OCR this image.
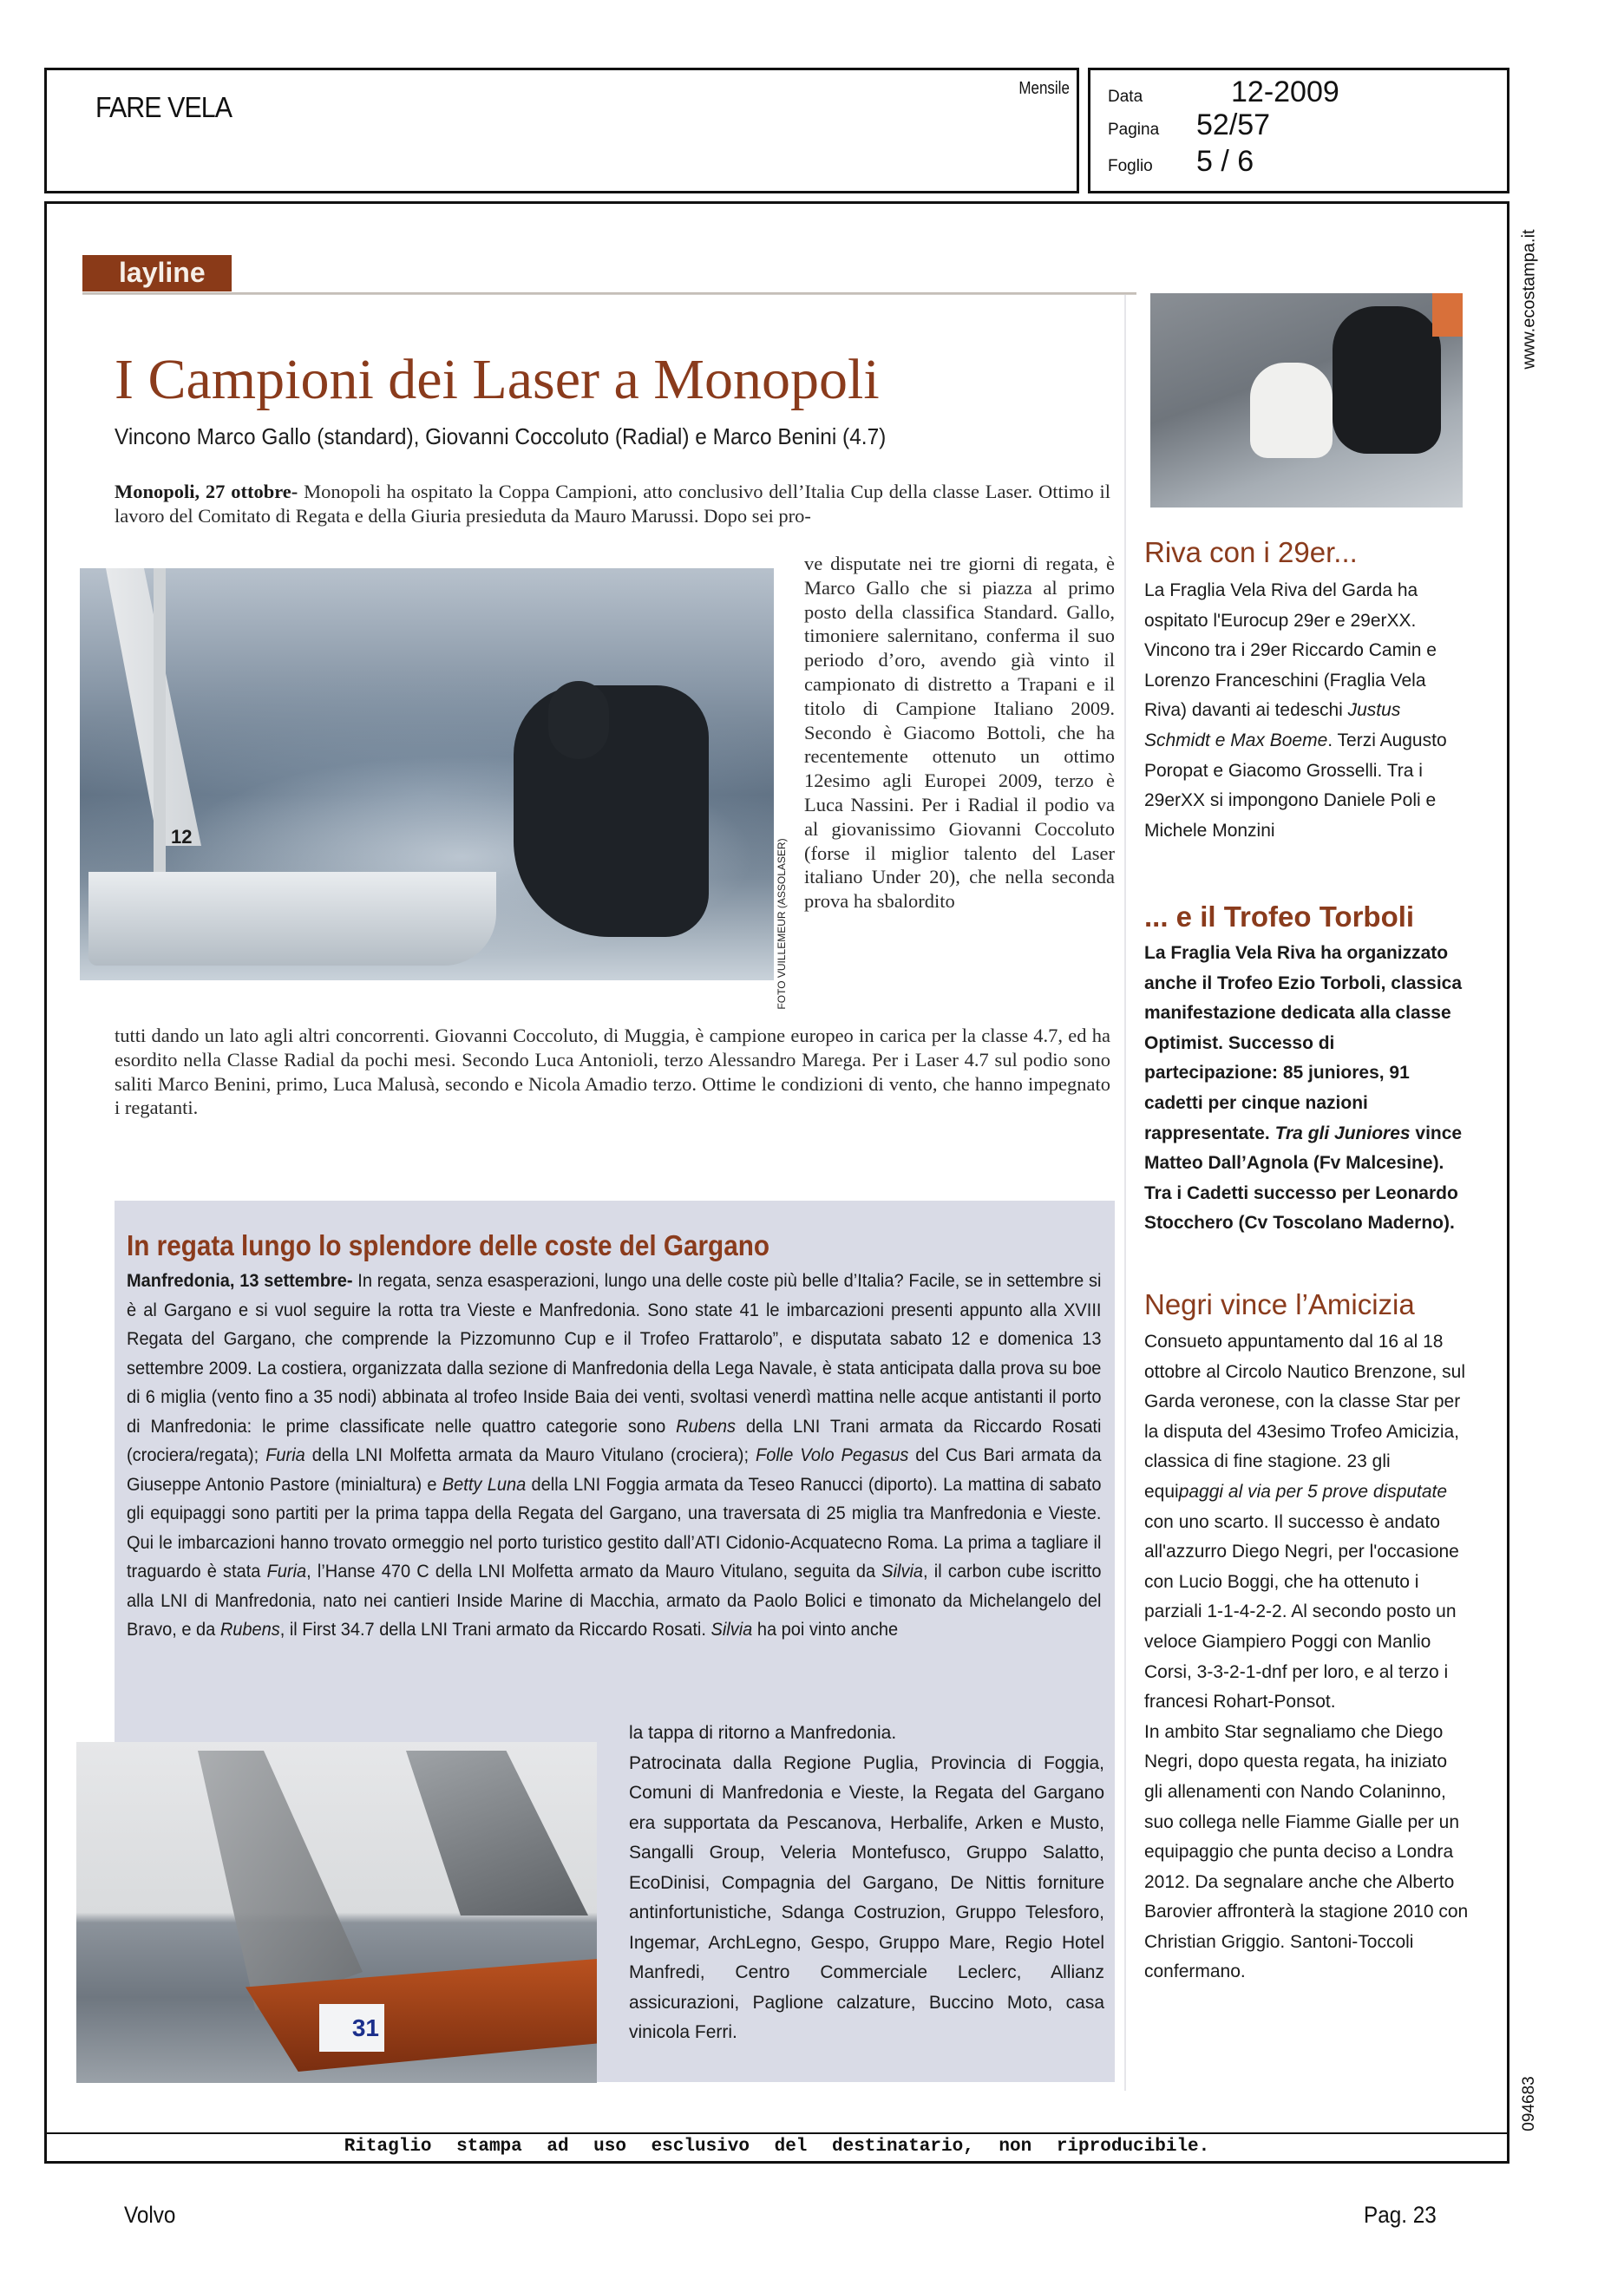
FARE VELA
Mensile Data	12-2009
Pagina	52/57
Foglio	5 / 6
www.ecostampa.it
094683
layline
I Campioni dei Laser a Monopoli
Vincono Marco Gallo (standard), Giovanni Coccoluto (Radial) e Marco Benini (4.7)
Monopoli, 27 ottobre- Monopoli ha ospitato la Coppa Campioni, atto conclusivo dell’Italia Cup della classe Laser. Ottimo il lavoro del Comitato di Regata e della Giuria presieduta da Mauro Marussi. Dopo sei pro-
12
FOTO VUILLEMEUR (ASSOLASER)
ve disputate nei tre giorni di regata, è Marco Gallo che si piazza al primo posto della classifica Standard. Gallo, timoniere salernitano, conferma il suo periodo d’oro, avendo già vinto il campionato di distretto a Trapani e il titolo di Campione Italiano 2009. Secondo è Giacomo Bottoli, che ha recentemente ottenuto un ottimo 12esimo agli Europei 2009, terzo è Luca Nassini. Per i Radial il podio va al giovanissimo Giovanni Coccoluto (forse il miglior talento del Laser italiano Under 20), che nella seconda prova ha sbalordito
tutti dando un lato agli altri concorrenti. Giovanni Coccoluto, di Muggia, è campione europeo in carica per la classe 4.7, ed ha esordito nella Classe Radial da pochi mesi. Secondo Luca Antonioli, terzo Alessandro Marega. Per i Laser 4.7 sul podio sono saliti Marco Benini, primo, Luca Malusà, secondo e Nicola Amadio terzo. Ottime le condizioni di vento, che hanno impegnato i regatanti.
In regata lungo lo splendore delle coste del Gargano
Manfredonia, 13 settembre- In regata, senza esasperazioni, lungo una delle coste più belle d’Italia? Facile, se in settembre si è al Gargano e si vuol seguire la rotta tra Vieste e Manfredonia. Sono state 41 le imbarcazioni presenti appunto alla XVIII Regata del Gargano, che comprende la Pizzomunno Cup e il Trofeo Frattarolo”, e disputata sabato 12 e domenica 13 settembre 2009. La costiera, organizzata dalla sezione di Manfredonia della Lega Navale, è stata anticipata dalla prova su boe di 6 miglia (vento fino a 35 nodi) abbinata al trofeo Inside Baia dei venti, svoltasi venerdì mattina nelle acque antistanti il porto di Manfredonia: le prime classificate nelle quattro categorie sono Rubens della LNI Trani armata da Riccardo Rosati (crociera/regata); Furia della LNI Molfetta armata da Mauro Vitulano (crociera); Folle Volo Pegasus del Cus Bari armata da Giuseppe Antonio Pastore (minialtura) e Betty Luna della LNI Foggia armata da Teseo Ranucci (diporto). La mattina di sabato gli equipaggi sono partiti per la prima tappa della Regata del Gargano, una traversata di 25 miglia tra Manfredonia e Vieste. Qui le imbarcazioni hanno trovato ormeggio nel porto turistico gestito dall’ATI Cidonio-Acquatecno Roma. La prima a tagliare il traguardo è stata Furia, l’Hanse 470 C della LNI Molfetta armato da Mauro Vitulano, seguita da Silvia, il carbon cube iscritto alla LNI di Manfredonia, nato nei cantieri Inside Marine di Macchia, armato da Paolo Bolici e timonato da Michelangelo del Bravo, e da Rubens, il First 34.7 della LNI Trani armato da Riccardo Rosati. Silvia ha poi vinto anche
la tappa di ritorno a Manfredonia.
Patrocinata dalla Regione Puglia, Provincia di Foggia, Comuni di Manfredonia e Vieste, la Regata del Gargano era supportata da Pescanova, Herbalife, Arken e Musto, Sangalli Group, Veleria Montefusco, Gruppo Salatto, EcoDinisi, Compagnia del Gargano, De Nittis forniture antinfortunistiche, Sdanga Costruzion, Gruppo Telesforo, Ingemar, ArchLegno, Gespo, Gruppo Mare, Regio Hotel Manfredi, Centro Commerciale Leclerc, Allianz assicurazioni, Paglione calzature, Buccino Moto, casa vinicola Ferri.
31
Riva con i 29er...
La Fraglia Vela Riva del Garda ha ospitato l'Eurocup 29er e 29erXX. Vincono tra i 29er Riccardo Camin e Lorenzo Franceschini (Fraglia Vela Riva) davanti ai tedeschi Justus Schmidt e Max Boeme. Terzi Augusto Poropat e Giacomo Grosselli. Tra i 29erXX si impongono Daniele Poli e Michele Monzini
... e il Trofeo Torboli
La Fraglia Vela Riva ha organizzato anche il Trofeo Ezio Torboli, classica manifestazione dedicata alla classe Optimist. Successo di partecipazione: 85 juniores, 91 cadetti per cinque nazioni rappresentate. Tra gli Juniores vince Matteo Dall’Agnola (Fv Malcesine). Tra i Cadetti successo per Leonardo Stocchero (Cv Toscolano Maderno).
Negri vince l’Amicizia
Consueto appuntamento dal 16 al 18 ottobre al Circolo Nautico Brenzone, sul Garda veronese, con la classe Star per la disputa del 43esimo Trofeo Amicizia, classica di fine stagione. 23 gli equipaggi al via per 5 prove disputate con uno scarto. Il successo è andato all'azzurro Diego Negri, per l'occasione con Lucio Boggi, che ha ottenuto i parziali 1-1-4-2-2. Al secondo posto un veloce Giampiero Poggi con Manlio Corsi, 3-3-2-1-dnf per loro, e al terzo i francesi Rohart-Ponsot.
In ambito Star segnaliamo che Diego Negri, dopo questa regata, ha iniziato gli allenamenti con Nando Colaninno, suo collega nelle Fiamme Gialle per un equipaggio che punta deciso a Londra 2012. Da segnalare anche che Alberto Barovier affronterà la stagione 2010 con Christian Griggio. Santoni-Toccoli confermano.
Ritaglio stampa ad uso esclusivo del destinatario, non riproducibile.
Volvo	Pag. 23
